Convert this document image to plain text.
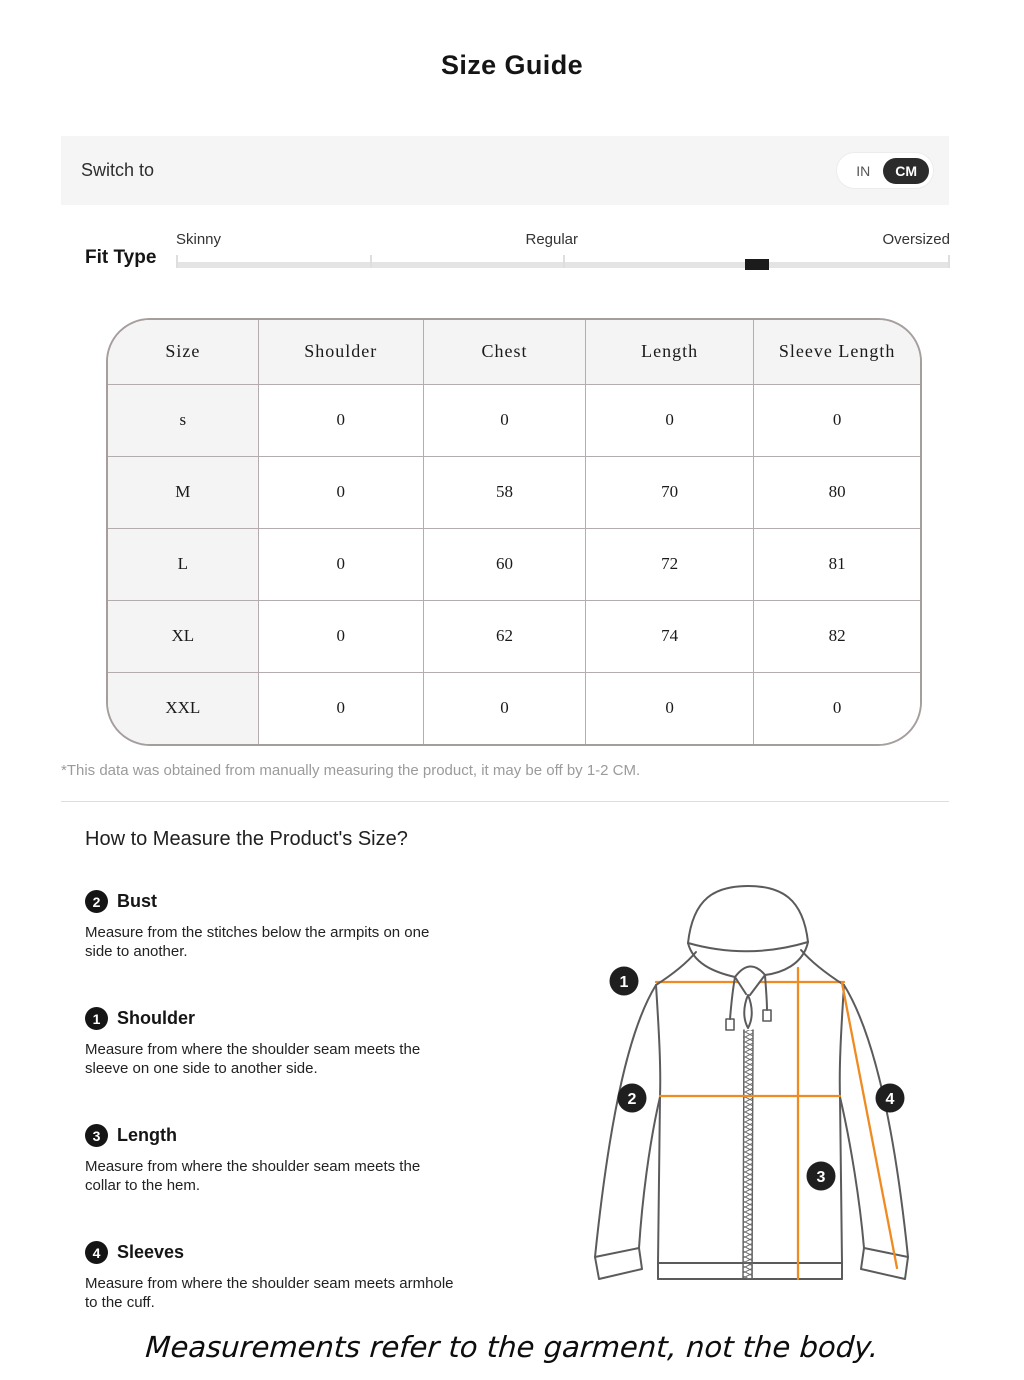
Size Guide
Switch to	IN	CM
Fit Type
Skinny	Regular	Oversized
Size	Shoulder	Chest	Length	Sleeve Length
s	0	0	0	0
M	0	58	70	80
L	0	60	72	81
XL	0	62	74	82
XXL	0	0	0	0
*This data was obtained from manually measuring the product, it may be off by 1-2 CM.
How to Measure the Product's Size?
2 Bust
Measure from the stitches below the armpits on one side to another.
1 Shoulder
Measure from where the shoulder seam meets the sleeve on one side to another side.
3 Length
Measure from where the shoulder seam meets the collar to the hem.
4 Sleeves
Measure from where the shoulder seam meets armhole to the cuff.
1
2
3
4
Measurements refer to the garment, not the body.
